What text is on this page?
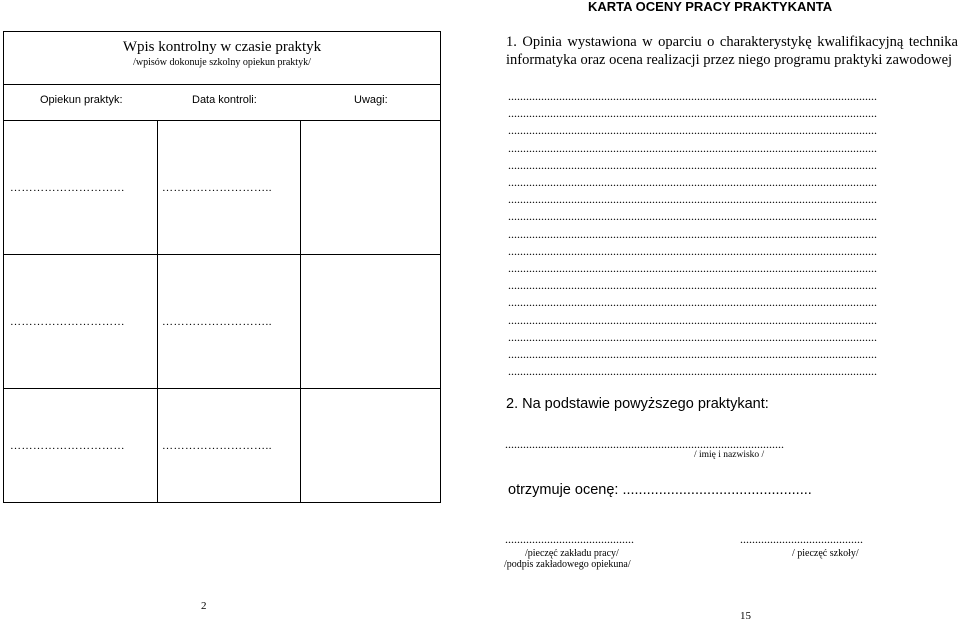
KARTA OCENY PRACY PRAKTYKANTA
Wpis kontrolny w czasie praktyk
/wpisów dokonuje szkolny opiekun praktyk/
Opiekun praktyk:	Data kontroli:	Uwagi:
…………………………	………………………..
…………………………	………………………..
…………………………	………………………..
1. Opinia wystawiona w oparciu o charakterystykę kwalifikacyjną technika informatyka oraz ocena realizacji przez niego programu praktyki zawodowej
...........................................................................................................................
...........................................................................................................................
...........................................................................................................................
...........................................................................................................................
...........................................................................................................................
...........................................................................................................................
...........................................................................................................................
...........................................................................................................................
...........................................................................................................................
...........................................................................................................................
...........................................................................................................................
...........................................................................................................................
...........................................................................................................................
...........................................................................................................................
...........................................................................................................................
...........................................................................................................................
...........................................................................................................................
2. Na podstawie powyższego praktykant:
.............................................................................................
/ imię i nazwisko /
otrzymuje ocenę: ...............................................
...........................................	.........................................
/pieczęć zakładu pracy/
/podpis zakładowego opiekuna/
/ pieczęć szkoły/
2
15
